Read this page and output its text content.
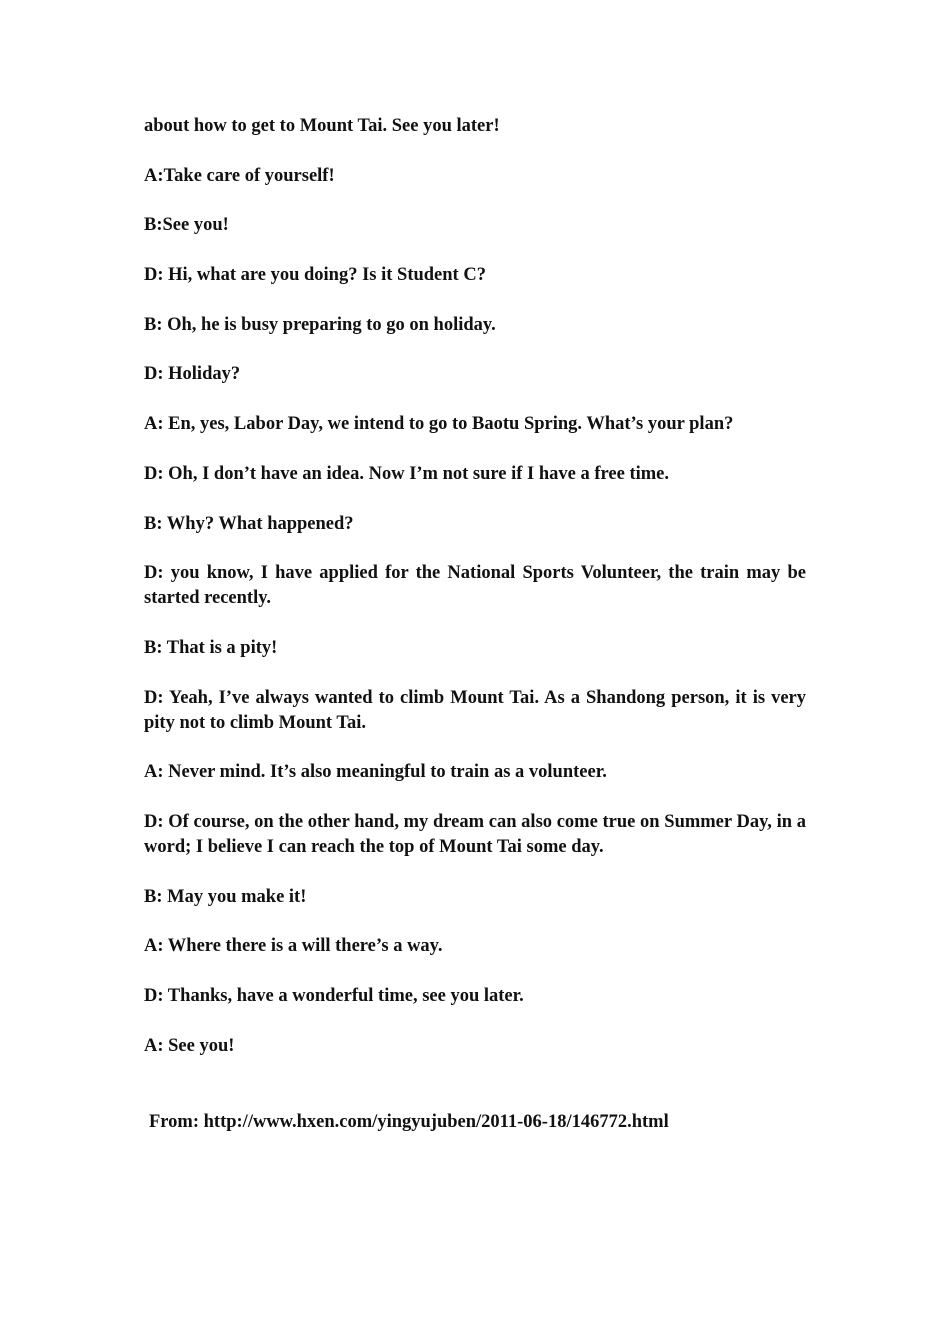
about how to get to Mount Tai. See you later!

A:Take care of yourself!

B:See you!

D: Hi, what are you doing? Is it Student C?

B: Oh, he is busy preparing to go on holiday.

D: Holiday?

A: En, yes, Labor Day, we intend to go to Baotu Spring. What’s your plan?

D: Oh, I don’t have an idea. Now I’m not sure if I have a free time.

B: Why? What happened?

D: you know, I have applied for the National Sports Volunteer, the train may be started recently.

B: That is a pity!

D: Yeah, I’ve always wanted to climb Mount Tai. As a Shandong person, it is very pity not to climb Mount Tai.

A: Never mind. It’s also meaningful to train as a volunteer.

D: Of course, on the other hand, my dream can also come true on Summer Day, in a word; I believe I can reach the top of Mount Tai some day.

B: May you make it!

A: Where there is a will there’s a way.

D: Thanks, have a wonderful time, see you later.

A: See you!

From: http://www.hxen.com/yingyujuben/2011-06-18/146772.html
